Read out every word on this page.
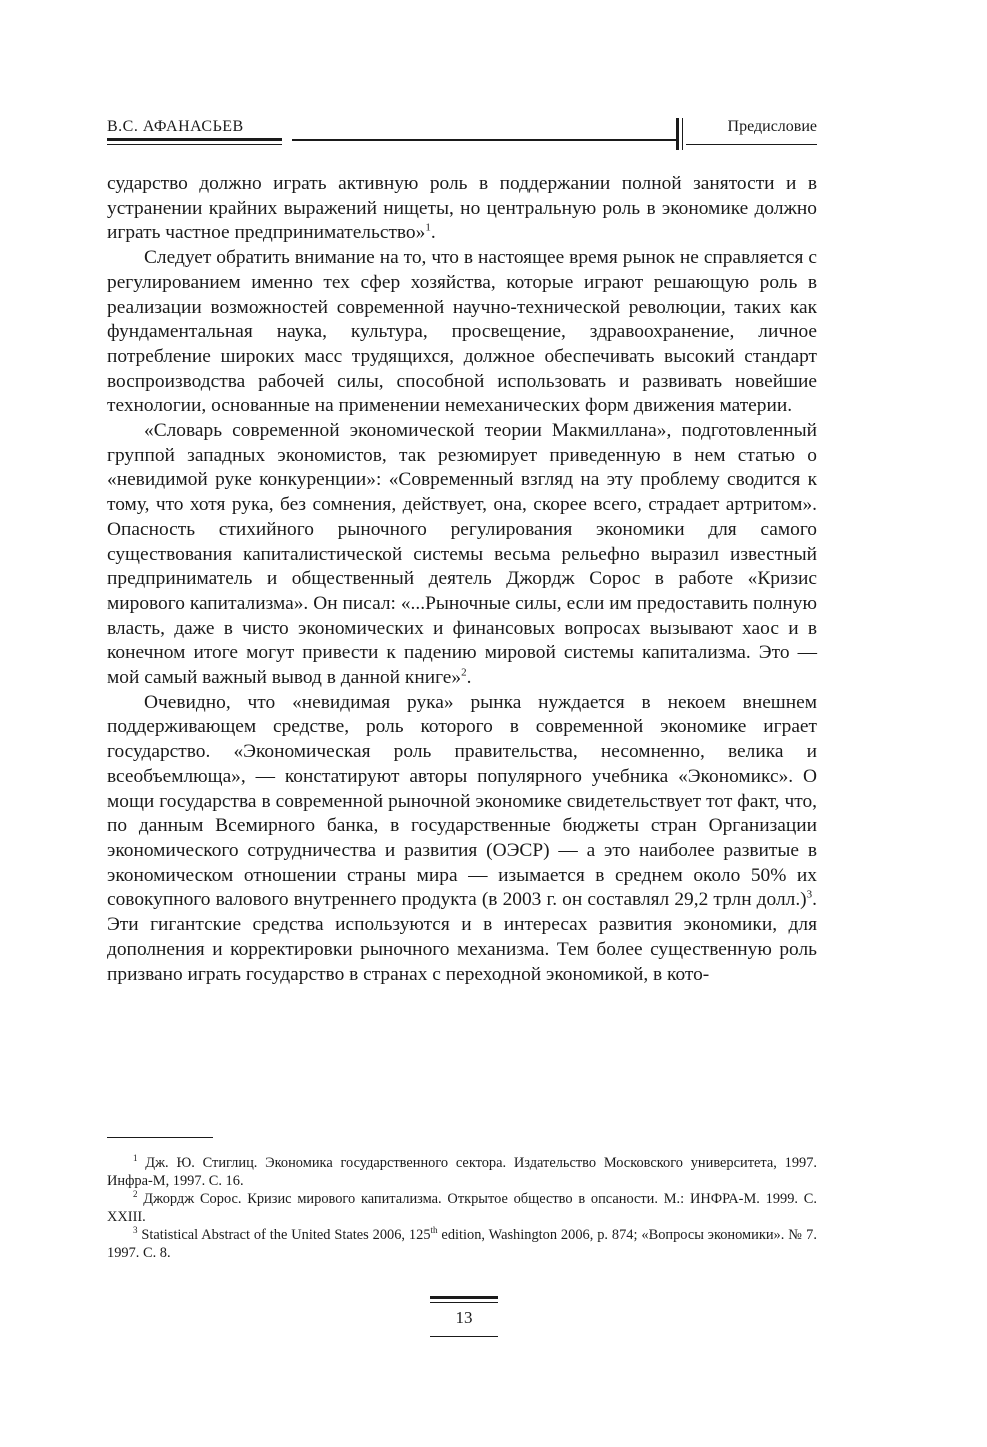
В.С. АФАНАСЬЕВ	Предисловие

сударство должно играть активную роль в поддержании полной занятости и в устранении крайних выражений нищеты, но центральную роль в экономике должно играть частное предпринимательство»$^1$.

Следует обратить внимание на то, что в настоящее время рынок не справляется с регулированием именно тех сфер хозяйства, которые играют решающую роль в реализации возможностей современной научно-технической революции, таких как фундаментальная наука, культура, просвещение, здравоохранение, личное потребление широких масс трудящихся, должное обеспечивать высокий стандарт воспроизводства рабочей силы, способной использовать и развивать новейшие технологии, основанные на применении немеханических форм движения материи.

«Словарь современной экономической теории Макмиллана», подготовленный группой западных экономистов, так резюмирует приведенную в нем статью о «невидимой руке конкуренции»: «Современный взгляд на эту проблему сводится к тому, что хотя рука, без сомнения, действует, она, скорее всего, страдает артритом». Опасность стихийного рыночного регулирования экономики для самого существования капиталистической системы весьма рельефно выразил известный предприниматель и общественный деятель Джордж Сорос в работе «Кризис мирового капитализма». Он писал: «...Рыночные силы, если им предоставить полную власть, даже в чисто экономических и финансовых вопросах вызывают хаос и в конечном итоге могут привести к падению мировой системы капитализма. Это — мой самый важный вывод в данной книге»$^2$.

Очевидно, что «невидимая рука» рынка нуждается в некоем внешнем поддерживающем средстве, роль которого в современной экономике играет государство. «Экономическая роль правительства, несомненно, велика и всеобъемлюща», — констатируют авторы популярного учебника «Экономикс». О мощи государства в современной рыночной экономике свидетельствует тот факт, что, по данным Всемирного банка, в государственные бюджеты стран Организации экономического сотрудничества и развития (ОЭСР) — а это наиболее развитые в экономическом отношении страны мира — изымается в среднем около 50% их совокупного валового внутреннего продукта (в 2003 г. он составлял 29,2 трлн долл.)$^3$. Эти гигантские средства используются и в интересах развития экономики, для дополнения и корректировки рыночного механизма. Тем более существенную роль призвано играть государство в странах с переходной экономикой, в кото-

$^1$ Дж. Ю. Стиглиц. Экономика государственного сектора. Издательство Московского университета, 1997. Инфра-М, 1997. С. 16.

$^2$ Джордж Сорос. Кризис мирового капитализма. Открытое общество в опсаности. М.: ИНФРА-М. 1999. С. XXIII.

$^3$ Statistical Abstract of the United States 2006, 125th edition, Washington 2006, p. 874; «Вопросы экономики». № 7. 1997. С. 8.

13
